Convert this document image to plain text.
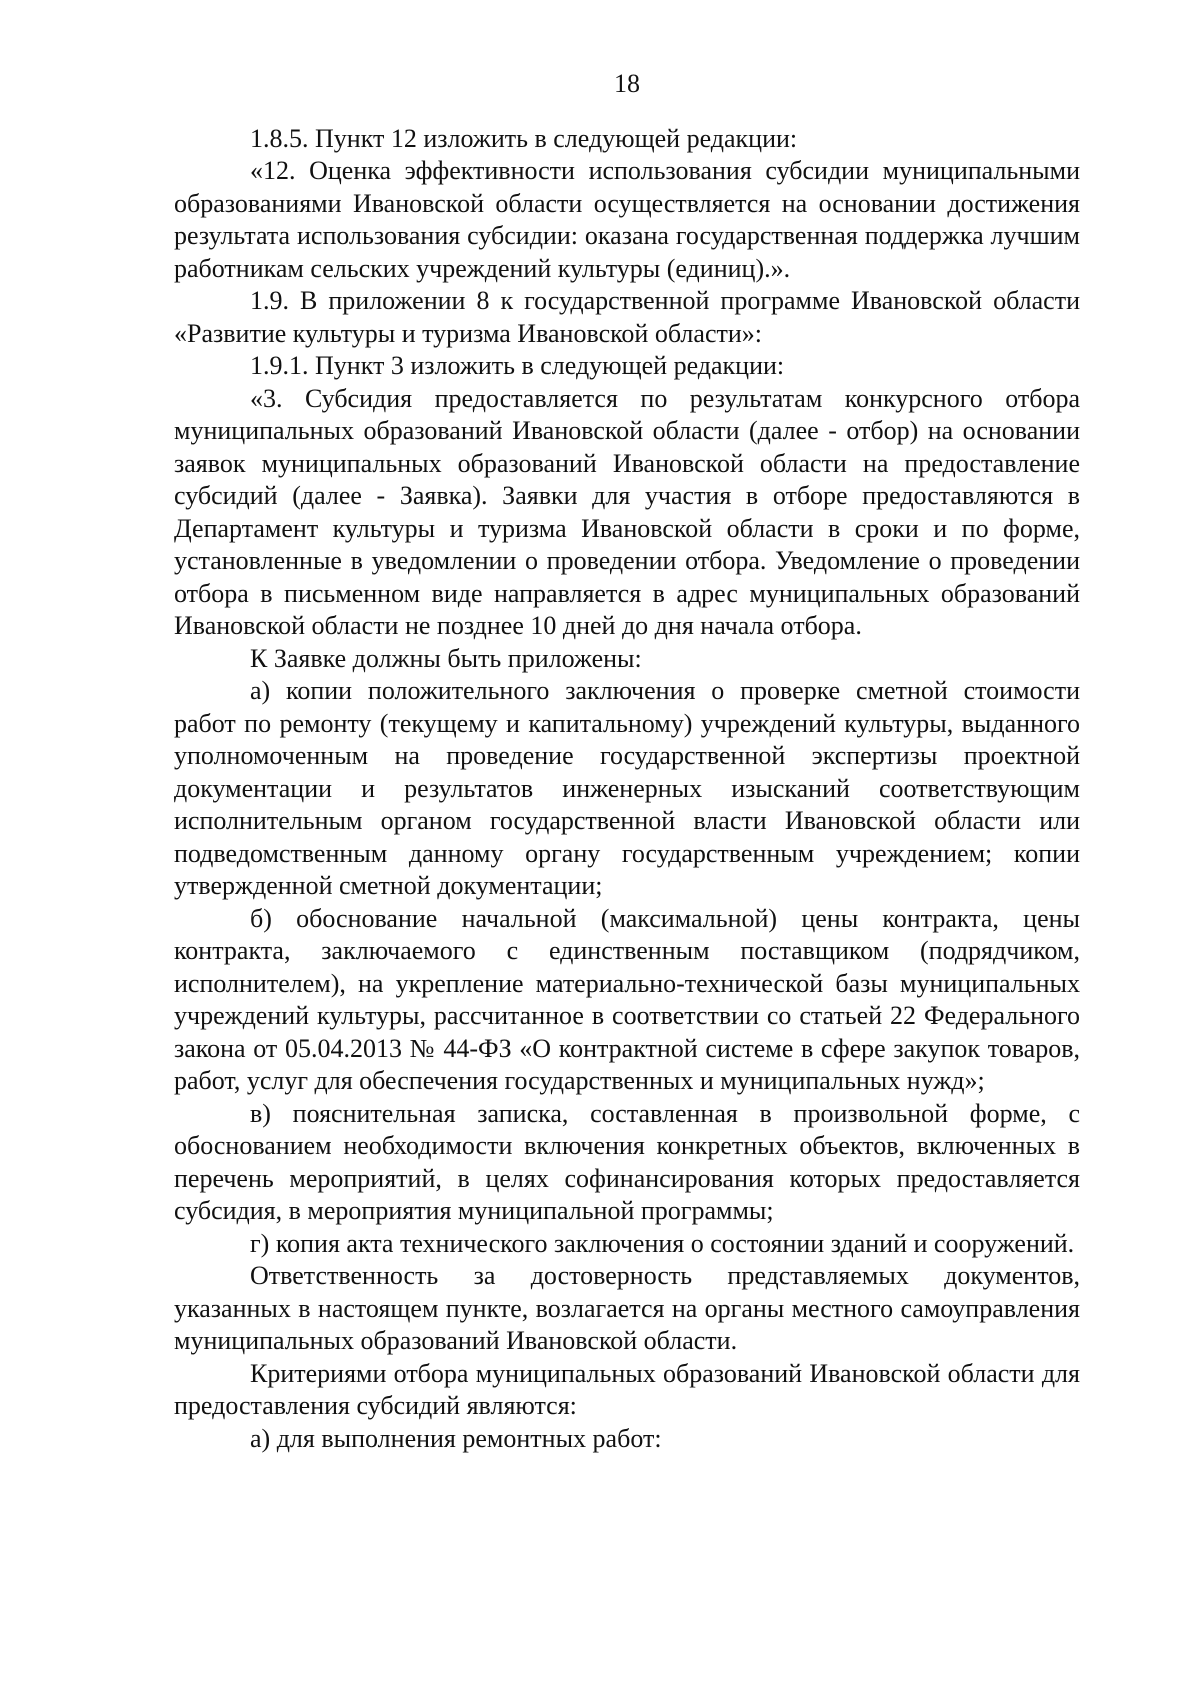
18

1.8.5. Пункт 12 изложить в следующей редакции:

«12. Оценка эффективности использования субсидии муниципальными образованиями Ивановской области осуществляется на основании достижения результата использования субсидии: оказана государственная поддержка лучшим работникам сельских учреждений культуры (единиц).».

1.9. В приложении 8 к государственной программе Ивановской области «Развитие культуры и туризма Ивановской области»:

1.9.1. Пункт 3 изложить в следующей редакции:

«3. Субсидия предоставляется по результатам конкурсного отбора муниципальных образований Ивановской области (далее - отбор) на основании заявок муниципальных образований Ивановской области на предоставление субсидий (далее - Заявка). Заявки для участия в отборе предоставляются в Департамент культуры и туризма Ивановской области в сроки и по форме, установленные в уведомлении о проведении отбора. Уведомление о проведении отбора в письменном виде направляется в адрес муниципальных образований Ивановской области не позднее 10 дней до дня начала отбора.

К Заявке должны быть приложены:

а) копии положительного заключения о проверке сметной стоимости работ по ремонту (текущему и капитальному) учреждений культуры, выданного уполномоченным на проведение государственной экспертизы проектной документации и результатов инженерных изысканий соответствующим исполнительным органом государственной власти Ивановской области или подведомственным данному органу государственным учреждением; копии утвержденной сметной документации;

б) обоснование начальной (максимальной) цены контракта, цены контракта, заключаемого с единственным поставщиком (подрядчиком, исполнителем), на укрепление материально-технической базы муниципальных учреждений культуры, рассчитанное в соответствии со статьей 22 Федерального закона от 05.04.2013 № 44-ФЗ «О контрактной системе в сфере закупок товаров, работ, услуг для обеспечения государственных и муниципальных нужд»;

в) пояснительная записка, составленная в произвольной форме, с обоснованием необходимости включения конкретных объектов, включенных в перечень мероприятий, в целях софинансирования которых предоставляется субсидия, в мероприятия муниципальной программы;

г) копия акта технического заключения о состоянии зданий и сооружений.

Ответственность за достоверность представляемых документов, указанных в настоящем пункте, возлагается на органы местного самоуправления муниципальных образований Ивановской области.

Критериями отбора муниципальных образований Ивановской области для предоставления субсидий являются:

а) для выполнения ремонтных работ:
